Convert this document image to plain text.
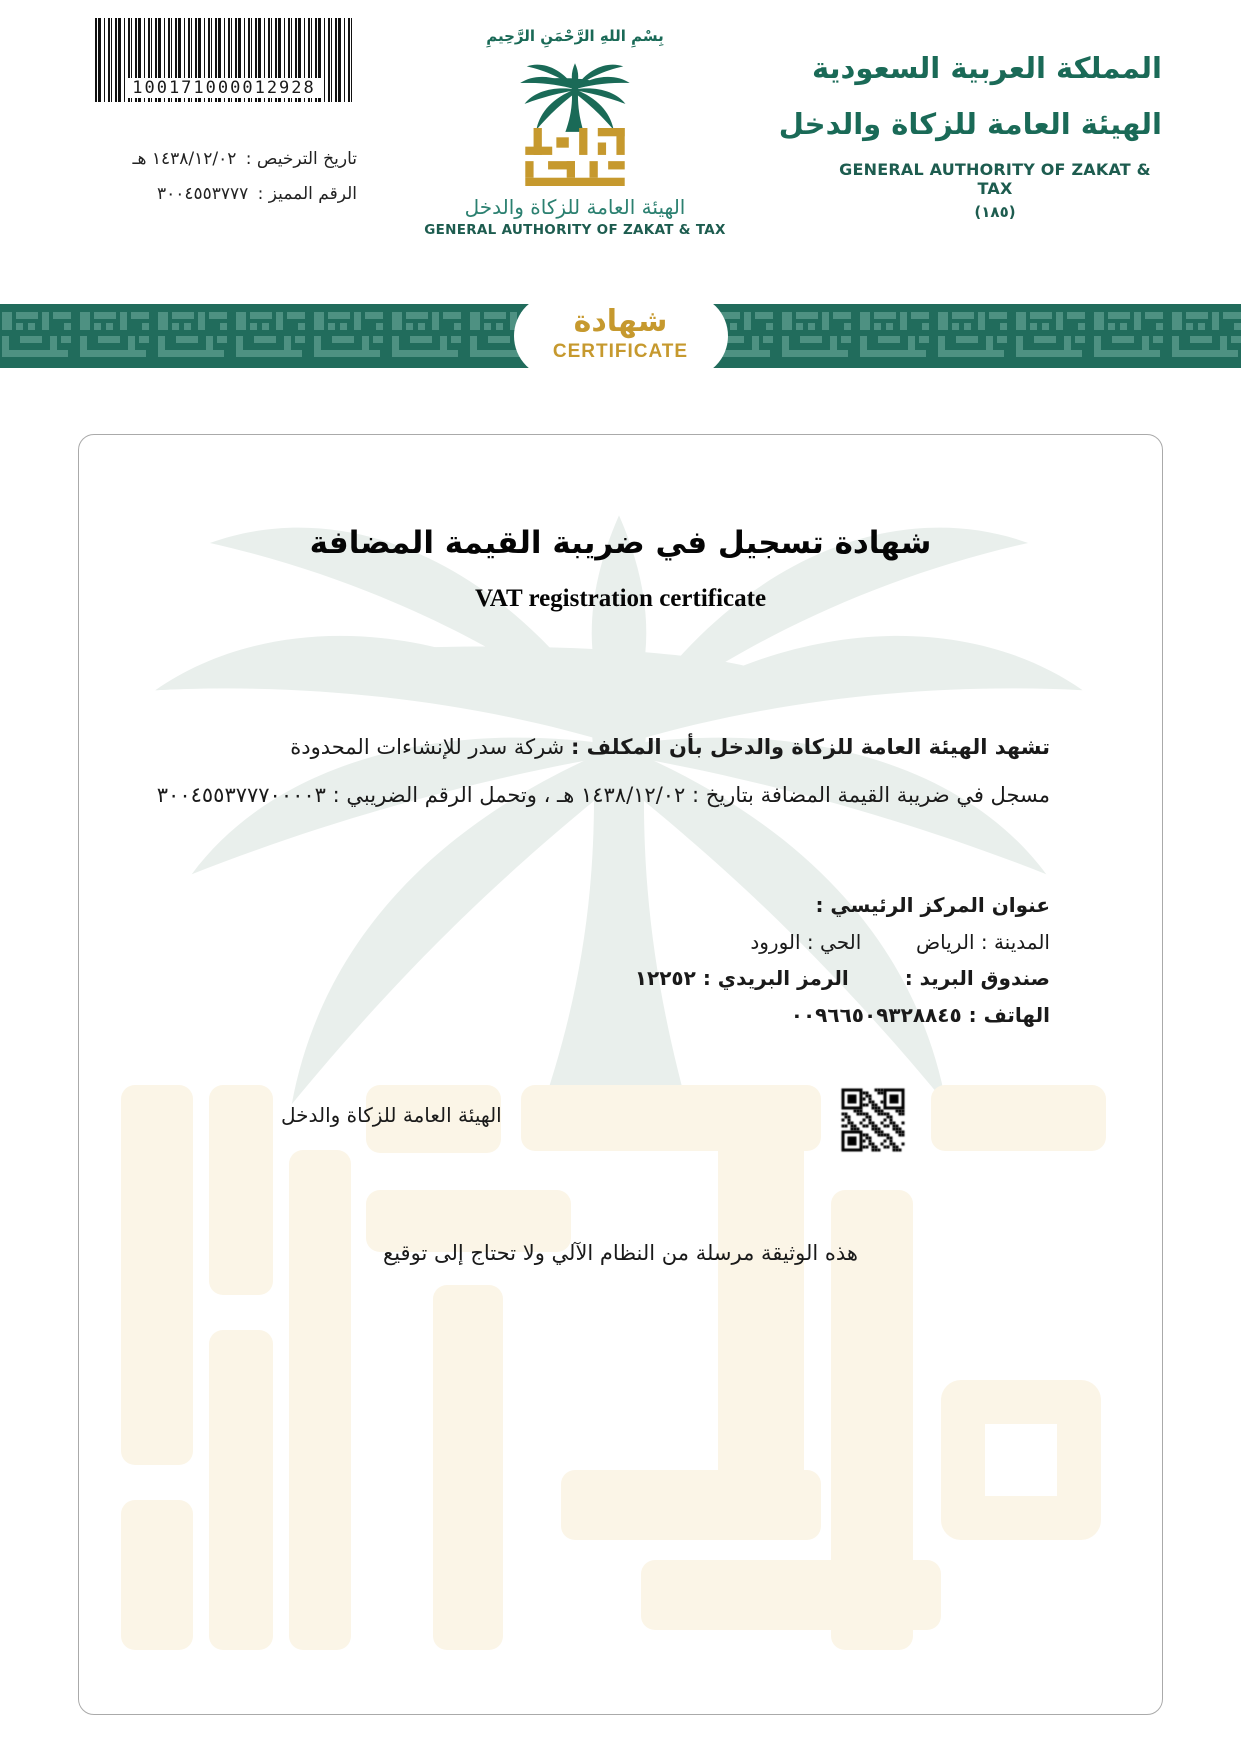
100171000012928
تاريخ الترخيص : ١٤٣٨/١٢/٠٢ هـ
الرقم المميز : ٣٠٠٤٥٥٣٧٧٧
بِسْمِ اللهِ الرَّحْمَنِ الرَّحِيمِ
الهيئة العامة للزكاة والدخل
GENERAL AUTHORITY OF ZAKAT & TAX
المملكة العربية السعودية
الهيئة العامة للزكاة والدخل
GENERAL AUTHORITY OF ZAKAT & TAX
(١٨٥)
شهادة
CERTIFICATE
شهادة تسجيل في ضريبة القيمة المضافة
VAT registration certificate
تشهد الهيئة العامة للزكاة والدخل بأن المكلف : شركة سدر للإنشاءات المحدودة
مسجل في ضريبة القيمة المضافة بتاريخ : ١٤٣٨/١٢/٠٢ هـ ، وتحمل الرقم الضريبي : ٣٠٠٤٥٥٣٧٧٧٠٠٠٠٣
عنوان المركز الرئيسي :
المدينة : الرياض  الحي : الورود
صندوق البريد :  الرمز البريدي : ١٢٢٥٢
الهاتف : ٠٠٩٦٦٥٠٩٣٢٨٨٤٥
الهيئة العامة للزكاة والدخل
هذه الوثيقة مرسلة من النظام الآلي ولا تحتاج إلى توقيع
